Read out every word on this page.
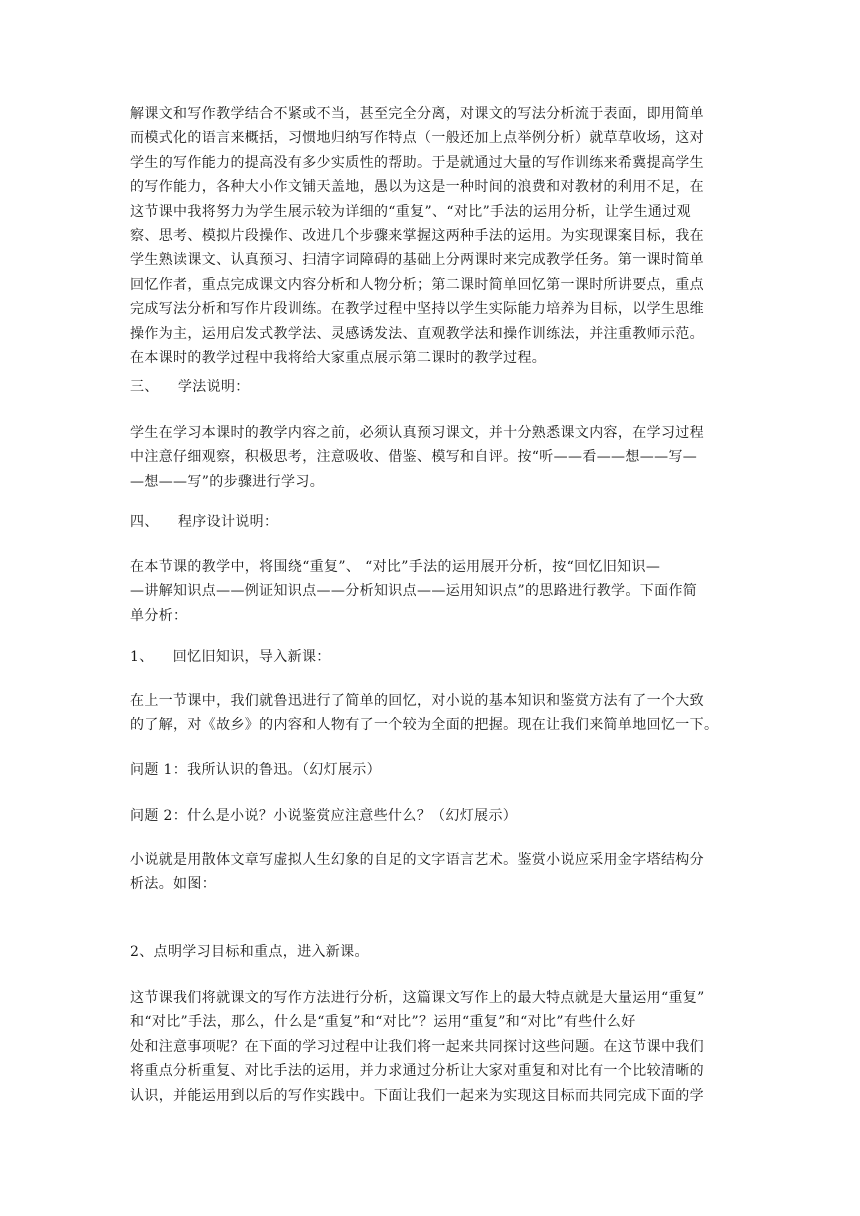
解课文和写作教学结合不紧或不当，甚至完全分离，对课文的写法分析流于表面，即用简单
而模式化的语言来概括，习惯地归纳写作特点（一般还加上点举例分析）就草草收场，这对
学生的写作能力的提高没有多少实质性的帮助。于是就通过大量的写作训练来希冀提高学生
的写作能力，各种大小作文铺天盖地，愚以为这是一种时间的浪费和对教材的利用不足，在
这节课中我将努力为学生展示较为详细的“重复”、“对比”手法的运用分析，让学生通过观
察、思考、模拟片段操作、改进几个步骤来掌握这两种手法的运用。为实现课案目标，我在
学生熟读课文、认真预习、扫清字词障碍的基础上分两课时来完成教学任务。第一课时简单
回忆作者，重点完成课文内容分析和人物分析；第二课时简单回忆第一课时所讲要点，重点
完成写法分析和写作片段训练。在教学过程中坚持以学生实际能力培养为目标，以学生思维
操作为主，运用启发式教学法、灵感诱发法、直观教学法和操作训练法，并注重教师示范。
在本课时的教学过程中我将给大家重点展示第二课时的教学过程。

三、    学法说明：

学生在学习本课时的教学内容之前，必须认真预习课文，并十分熟悉课文内容，在学习过程
中注意仔细观察，积极思考，注意吸收、借鉴、模写和自评。按“听——看——想——写—
—想——写”的步骤进行学习。

四、    程序设计说明：

在本节课的教学中，将围绕“重复”、 “对比”手法的运用展开分析，按“回忆旧知识—
—讲解知识点——例证知识点——分析知识点——运用知识点”的思路进行教学。下面作简
单分析：

1、    回忆旧知识，导入新课：

在上一节课中，我们就鲁迅进行了简单的回忆，对小说的基本知识和鉴赏方法有了一个大致
的了解，对《故乡》的内容和人物有了一个较为全面的把握。现在让我们来简单地回忆一下。

问题 1：我所认识的鲁迅。（幻灯展示）

问题 2：什么是小说？小说鉴赏应注意些什么？（幻灯展示）

小说就是用散体文章写虚拟人生幻象的自足的文字语言艺术。鉴赏小说应采用金字塔结构分
析法。如图：

2、点明学习目标和重点，进入新课。

这节课我们将就课文的写作方法进行分析，这篇课文写作上的最大特点就是大量运用“重复”
和“对比”手法，那么，什么是“重复”和“对比”？运用“重复”和“对比”有些什么好
处和注意事项呢？在下面的学习过程中让我们将一起来共同探讨这些问题。在这节课中我们
将重点分析重复、对比手法的运用，并力求通过分析让大家对重复和对比有一个比较清晰的
认识，并能运用到以后的写作实践中。下面让我们一起来为实现这目标而共同完成下面的学
